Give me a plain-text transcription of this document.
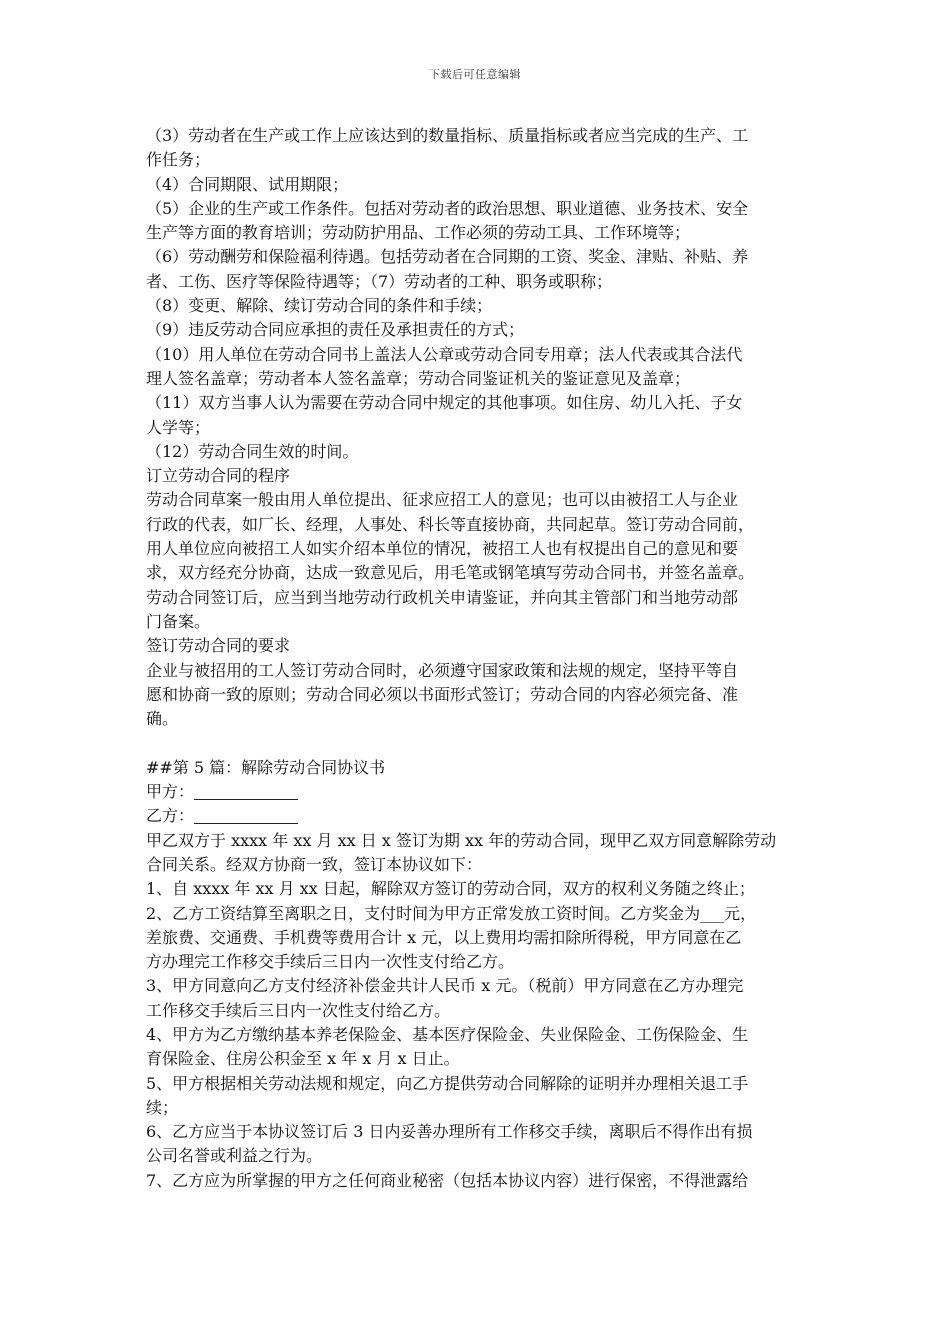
下载后可任意编辑
（3）劳动者在生产或工作上应该达到的数量指标、质量指标或者应当完成的生产、工
作任务；
（4）合同期限、试用期限；
（5）企业的生产或工作条件。包括对劳动者的政治思想、职业道德、业务技术、安全
生产等方面的教育培训；劳动防护用品、工作必须的劳动工具、工作环境等；
（6）劳动酬劳和保险福利待遇。包括劳动者在合同期的工资、奖金、津贴、补贴、养
者、工伤、医疗等保险待遇等；（7）劳动者的工种、职务或职称；
（8）变更、解除、续订劳动合同的条件和手续；
（9）违反劳动合同应承担的责任及承担责任的方式；
（10）用人单位在劳动合同书上盖法人公章或劳动合同专用章；法人代表或其合法代
理人签名盖章；劳动者本人签名盖章；劳动合同鉴证机关的鉴证意见及盖章；
（11）双方当事人认为需要在劳动合同中规定的其他事项。如住房、幼儿入托、子女
人学等；
（12）劳动合同生效的时间。
订立劳动合同的程序
劳动合同草案一般由用人单位提出、征求应招工人的意见；也可以由被招工人与企业
行政的代表，如厂长、经理，人事处、科长等直接协商，共同起草。签订劳动合同前，
用人单位应向被招工人如实介绍本单位的情况，被招工人也有权提出自己的意见和要
求，双方经充分协商，达成一致意见后，用毛笔或钢笔填写劳动合同书，并签名盖章。
劳动合同签订后，应当到当地劳动行政机关申请鉴证，并向其主管部门和当地劳动部
门备案。
签订劳动合同的要求
企业与被招用的工人签订劳动合同时，必须遵守国家政策和法规的规定，坚持平等自
愿和协商一致的原则；劳动合同必须以书面形式签订；劳动合同的内容必须完备、准
确。
##第 5 篇：解除劳动合同协议书
甲方：
乙方：
甲乙双方于 xxxx 年 xx 月 xx 日 x 签订为期 xx 年的劳动合同，现甲乙双方同意解除劳动
合同关系。经双方协商一致，签订本协议如下：
1、自 xxxx 年 xx 月 xx 日起，解除双方签订的劳动合同，双方的权利义务随之终止；
2、乙方工资结算至离职之日，支付时间为甲方正常发放工资时间。乙方奖金为___元，
差旅费、交通费、手机费等费用合计 x 元，以上费用均需扣除所得税，甲方同意在乙
方办理完工作移交手续后三日内一次性支付给乙方。
3、甲方同意向乙方支付经济补偿金共计人民币 x 元。（税前）甲方同意在乙方办理完
工作移交手续后三日内一次性支付给乙方。
4、甲方为乙方缴纳基本养老保险金、基本医疗保险金、失业保险金、工伤保险金、生
育保险金、住房公积金至 x 年 x 月 x 日止。
5、甲方根据相关劳动法规和规定，向乙方提供劳动合同解除的证明并办理相关退工手
续；
6、乙方应当于本协议签订后 3 日内妥善办理所有工作移交手续，离职后不得作出有损
公司名誉或利益之行为。
7、乙方应为所掌握的甲方之任何商业秘密（包括本协议内容）进行保密，不得泄露给
